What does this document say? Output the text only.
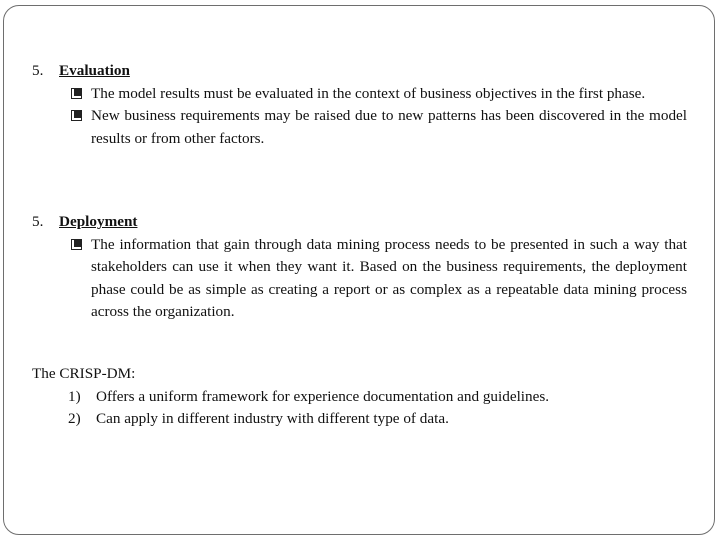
5. Evaluation
The model results must be evaluated in the context of business objectives in the first phase.
New business requirements may be raised due to new patterns has been discovered in the model results or from other factors.
5. Deployment
The information that gain through data mining process needs to be presented in such a way that stakeholders can use it when they want it. Based on the business requirements, the deployment phase could be as simple as creating a report or as complex as a repeatable data mining process across the organization.
The CRISP-DM:
1) Offers a uniform framework for experience documentation and guidelines.
2) Can apply in different industry with different type of data.
